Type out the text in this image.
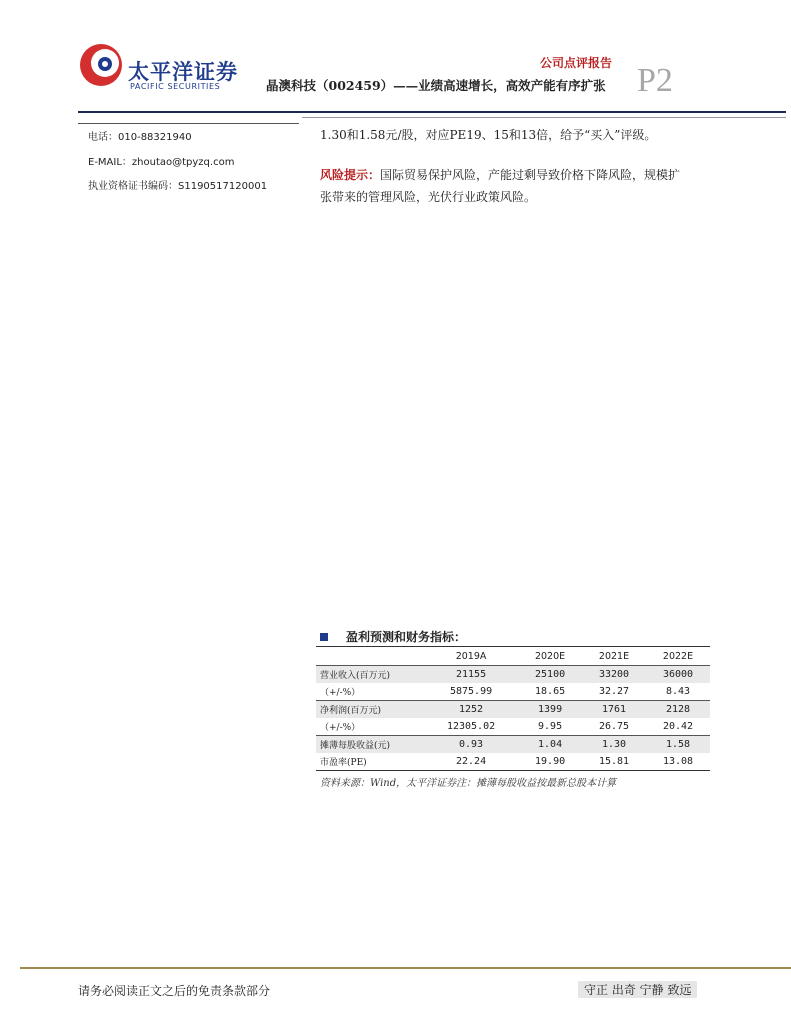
太平洋证券
PACIFIC SECURITIES
公司点评报告
晶澳科技（002459）——业绩高速增长，高效产能有序扩张 P2
电话：010-88321940
E-MAIL：zhoutao@tpyzq.com
执业资格证书编码：S1190517120001
1.30和1.58元/股，对应PE19、15和13倍，给予“买入”评级。
风险提示：国际贸易保护风险，产能过剩导致价格下降风险，规模扩
张带来的管理风险，光伏行业政策风险。
盈利预测和财务指标：
	2019A	2020E	2021E	2022E
营业收入(百万元)	21155	25100	33200	36000
（+/-%）	5875.99	18.65	32.27	8.43
净利润(百万元)	1252	1399	1761	2128
（+/-%）	12305.02	9.95	26.75	20.42
摊薄每股收益(元)	0.93	1.04	1.30	1.58
市盈率(PE)	22.24	19.90	15.81	13.08
资料来源：Wind，太平洋证券注：摊薄每股收益按最新总股本计算
请务必阅读正文之后的免责条款部分	守正 出奇 宁静 致远
